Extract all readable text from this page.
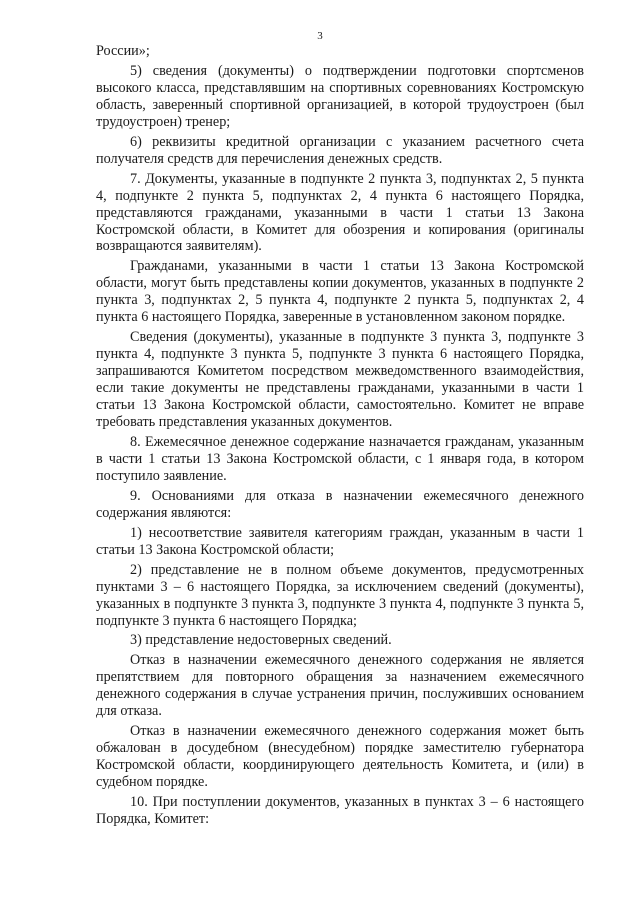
3

России»;

5) сведения (документы) о подтверждении подготовки спортсменов высокого класса, представлявшим на спортивных соревнованиях Костромскую область, заверенный спортивной организацией, в которой трудоустроен (был трудоустроен) тренер;

6) реквизиты кредитной организации с указанием расчетного счета получателя средств для перечисления денежных средств.

7. Документы, указанные в подпункте 2 пункта 3, подпунктах 2, 5 пункта 4, подпункте 2 пункта 5, подпунктах 2, 4 пункта 6 настоящего Порядка, представляются гражданами, указанными в части 1 статьи 13 Закона Костромской области, в Комитет для обозрения и копирования (оригиналы возвращаются заявителям).

Гражданами, указанными в части 1 статьи 13 Закона Костромской области, могут быть представлены копии документов, указанных в подпункте 2 пункта 3, подпунктах 2, 5 пункта 4, подпункте 2 пункта 5, подпунктах 2, 4 пункта 6 настоящего Порядка, заверенные в установленном законом порядке.

Сведения (документы), указанные в подпункте 3 пункта 3, подпункте 3 пункта 4, подпункте 3 пункта 5, подпункте 3 пункта 6 настоящего Порядка, запрашиваются Комитетом посредством межведомственного взаимодействия, если такие документы не представлены гражданами, указанными в части 1 статьи 13 Закона Костромской области, самостоятельно. Комитет не вправе требовать представления указанных документов.

8. Ежемесячное денежное содержание назначается гражданам, указанным в части 1 статьи 13 Закона Костромской области, с 1 января года, в котором поступило заявление.

9. Основаниями для отказа в назначении ежемесячного денежного содержания являются:

1) несоответствие заявителя категориям граждан, указанным в части 1 статьи 13 Закона Костромской области;

2) представление не в полном объеме документов, предусмотренных пунктами 3 – 6 настоящего Порядка, за исключением сведений (документы), указанных в подпункте 3 пункта 3, подпункте 3 пункта 4, подпункте 3 пункта 5, подпункте 3 пункта 6 настоящего Порядка;

3) представление недостоверных сведений.

Отказ в назначении ежемесячного денежного содержания не является препятствием для повторного обращения за назначением ежемесячного денежного содержания в случае устранения причин, послуживших основанием для отказа.

Отказ в назначении ежемесячного денежного содержания может быть обжалован в досудебном (внесудебном) порядке заместителю губернатора Костромской области, координирующего деятельность Комитета, и (или) в судебном порядке.

10. При поступлении документов, указанных в пунктах 3 – 6 настоящего Порядка, Комитет:
